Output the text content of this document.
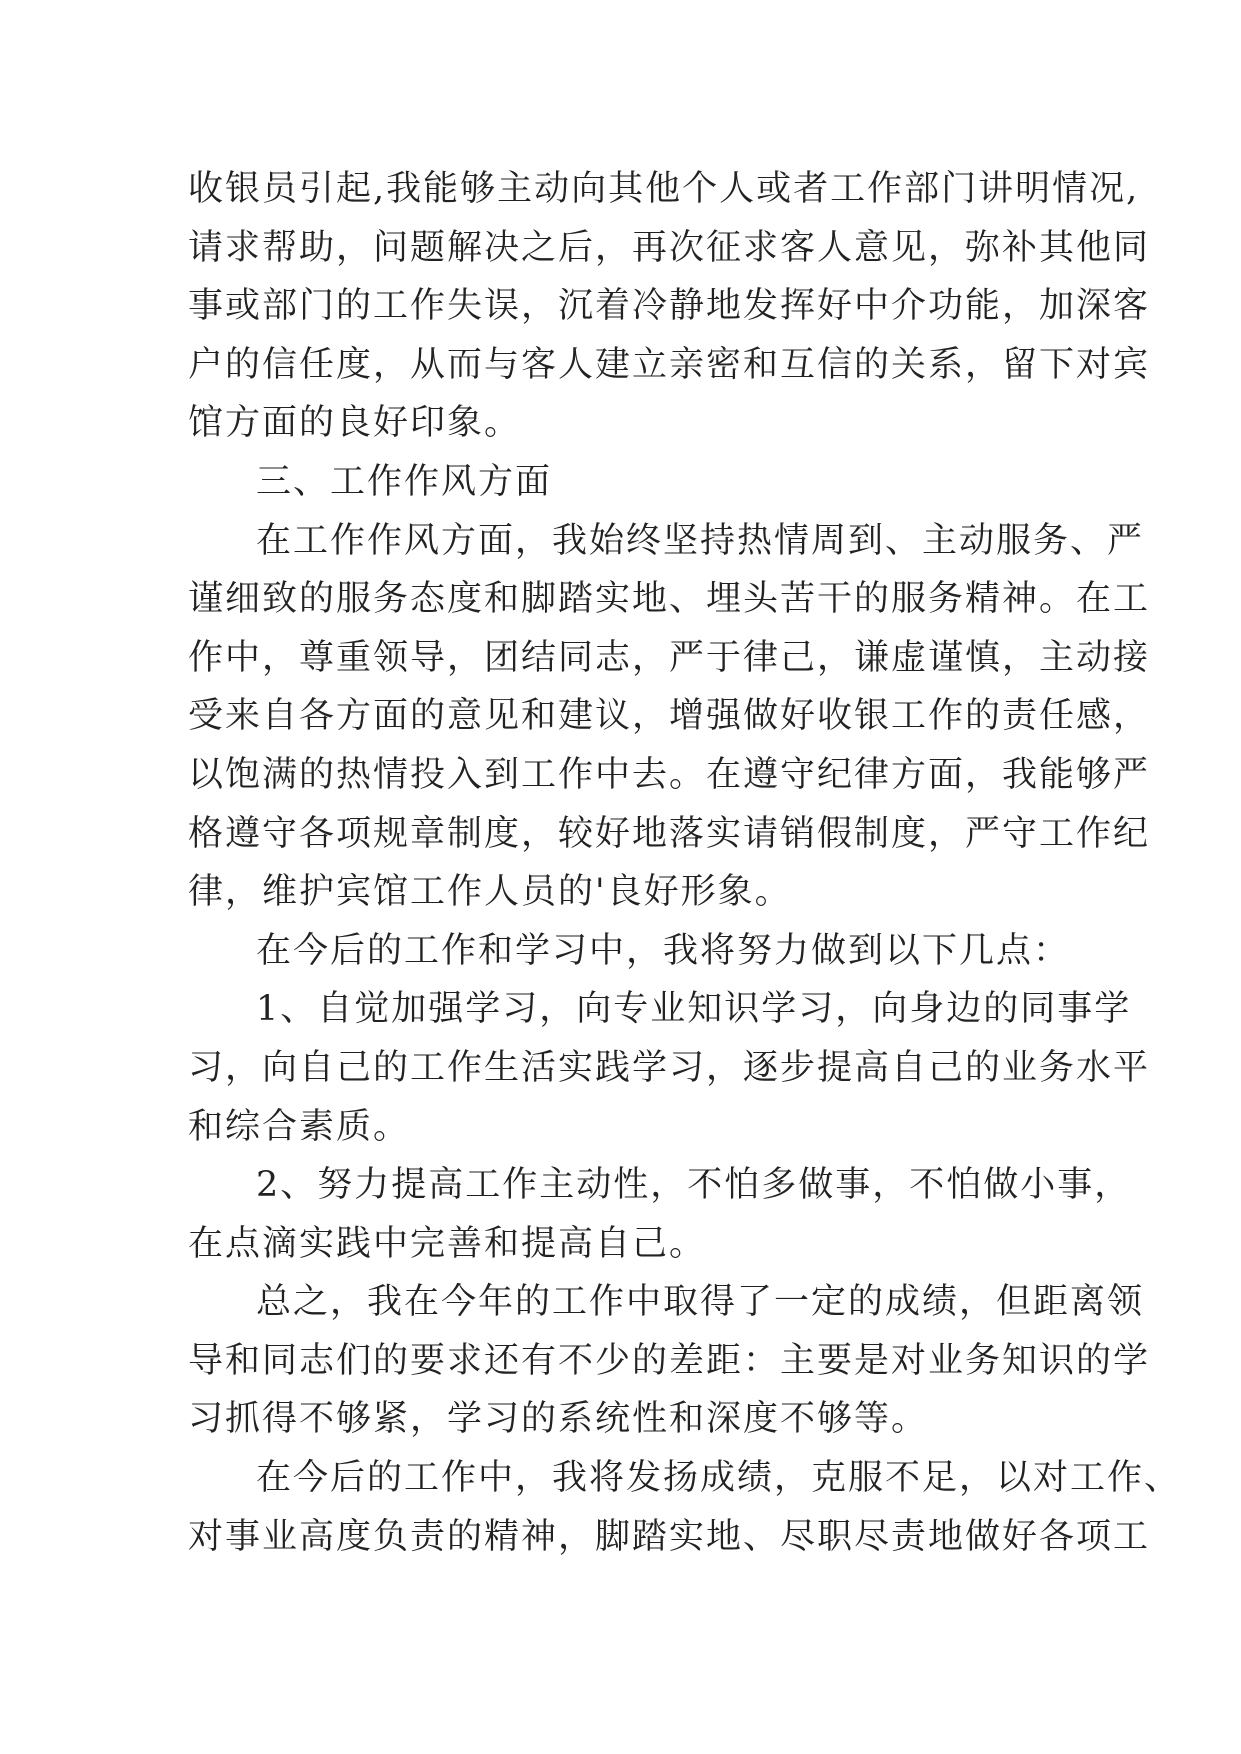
收银员引起,我能够主动向其他个人或者工作部门讲明情况,
请求帮助，问题解决之后，再次征求客人意见，弥补其他同
事或部门的工作失误，沉着冷静地发挥好中介功能，加深客
户的信任度，从而与客人建立亲密和互信的关系，留下对宾
馆方面的良好印象。
三、工作作风方面
在工作作风方面，我始终坚持热情周到、主动服务、严
谨细致的服务态度和脚踏实地、埋头苦干的服务精神。在工
作中，尊重领导，团结同志，严于律己，谦虚谨慎，主动接
受来自各方面的意见和建议，增强做好收银工作的责任感，
以饱满的热情投入到工作中去。在遵守纪律方面，我能够严
格遵守各项规章制度，较好地落实请销假制度，严守工作纪
律，维护宾馆工作人员的'良好形象。
在今后的工作和学习中，我将努力做到以下几点：
1、自觉加强学习，向专业知识学习，向身边的同事学
习，向自己的工作生活实践学习，逐步提高自己的业务水平
和综合素质。
2、努力提高工作主动性，不怕多做事，不怕做小事，
在点滴实践中完善和提高自己。
总之，我在今年的工作中取得了一定的成绩，但距离领
导和同志们的要求还有不少的差距：主要是对业务知识的学
习抓得不够紧，学习的系统性和深度不够等。
在今后的工作中，我将发扬成绩，克服不足，以对工作、
对事业高度负责的精神，脚踏实地、尽职尽责地做好各项工
